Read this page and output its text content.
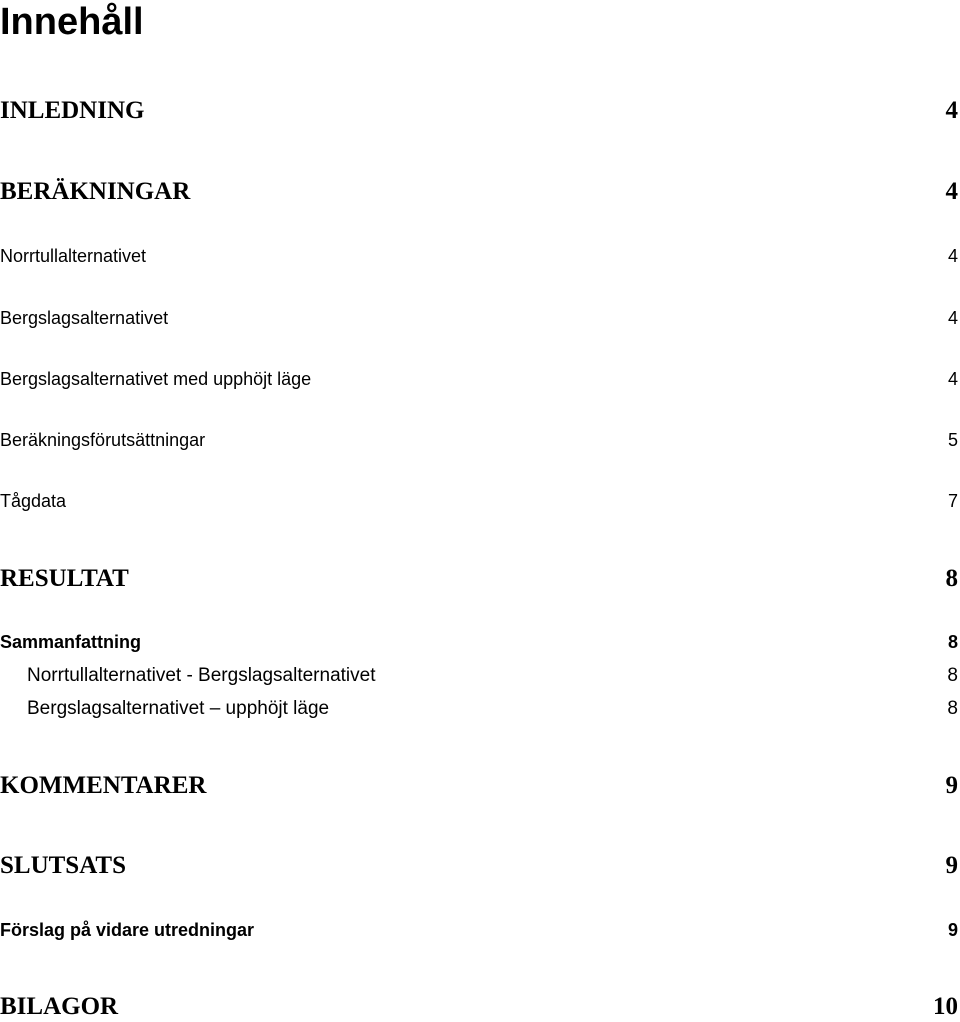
Innehåll
INLEDNING	4
BERÄKNINGAR	4
Norrtullalternativet	4
Bergslagsalternativet	4
Bergslagsalternativet med upphöjt läge	4
Beräkningsförutsättningar	5
Tågdata	7
RESULTAT	8
Sammanfattning	8
Norrtullalternativet - Bergslagsalternativet	8
Bergslagsalternativet – upphöjt läge	8
KOMMENTARER	9
SLUTSATS	9
Förslag på vidare utredningar	9
BILAGOR	10
